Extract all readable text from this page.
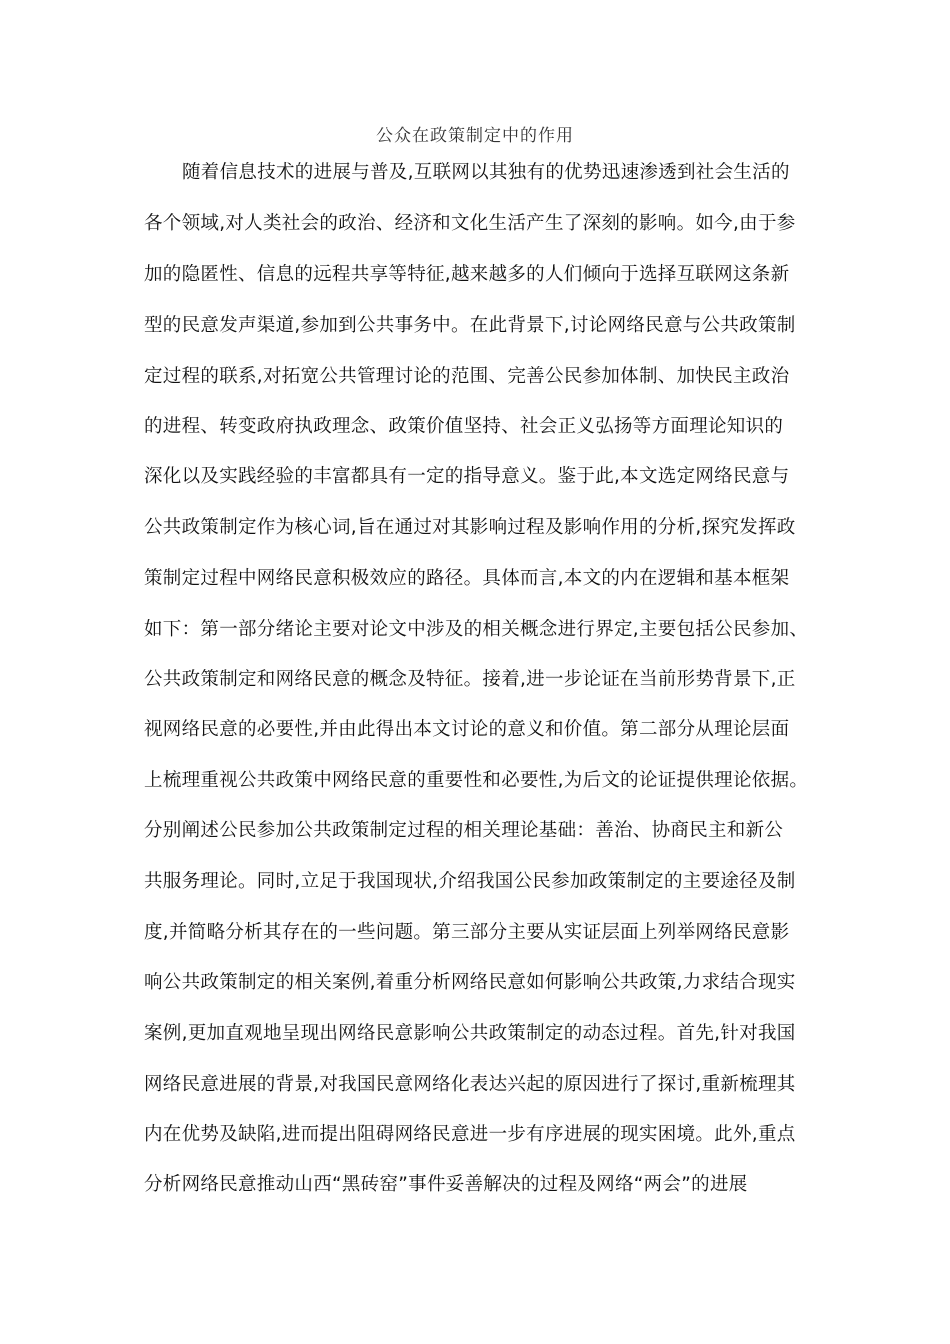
公众在政策制定中的作用
随着信息技术的进展与普及,互联网以其独有的优势迅速渗透到社会生活的
各个领域,对人类社会的政治、经济和文化生活产生了深刻的影响。如今,由于参
加的隐匿性、信息的远程共享等特征,越来越多的人们倾向于选择互联网这条新
型的民意发声渠道,参加到公共事务中。在此背景下,讨论网络民意与公共政策制
定过程的联系,对拓宽公共管理讨论的范围、完善公民参加体制、加快民主政治
的进程、转变政府执政理念、政策价值坚持、社会正义弘扬等方面理论知识的
深化以及实践经验的丰富都具有一定的指导意义。鉴于此,本文选定网络民意与
公共政策制定作为核心词,旨在通过对其影响过程及影响作用的分析,探究发挥政
策制定过程中网络民意积极效应的路径。具体而言,本文的内在逻辑和基本框架
如下：第一部分绪论主要对论文中涉及的相关概念进行界定,主要包括公民参加、
公共政策制定和网络民意的概念及特征。接着,进一步论证在当前形势背景下,正
视网络民意的必要性,并由此得出本文讨论的意义和价值。第二部分从理论层面
上梳理重视公共政策中网络民意的重要性和必要性,为后文的论证提供理论依据。
分别阐述公民参加公共政策制定过程的相关理论基础：善治、协商民主和新公
共服务理论。同时,立足于我国现状,介绍我国公民参加政策制定的主要途径及制
度,并简略分析其存在的一些问题。第三部分主要从实证层面上列举网络民意影
响公共政策制定的相关案例,着重分析网络民意如何影响公共政策,力求结合现实
案例,更加直观地呈现出网络民意影响公共政策制定的动态过程。首先,针对我国
网络民意进展的背景,对我国民意网络化表达兴起的原因进行了探讨,重新梳理其
内在优势及缺陷,进而提出阻碍网络民意进一步有序进展的现实困境。此外,重点
分析网络民意推动山西“黑砖窑”事件妥善解决的过程及网络“两会”的进展
